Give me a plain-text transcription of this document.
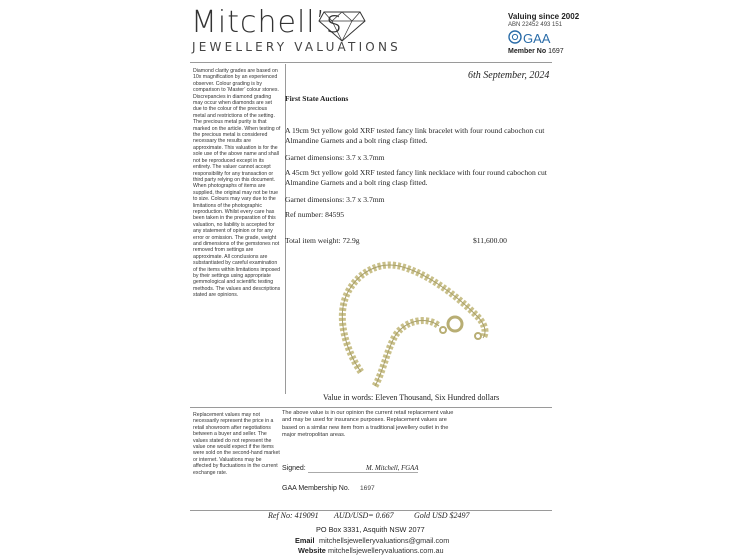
Mitchell’s
JEWELLERY VALUATIONS
Valuing since 2002
ABN 22452 493 151
GAA
Member No 1697
Diamond clarity grades are based on 10x magnification by an experienced observer. Colour grading is by comparison to ‘Master’ colour stones. Discrepancies in diamond grading may occur when diamonds are set due to the colour of the precious metal and restrictions of the setting. The precious metal purity is that marked on the article. When testing of the precious metal is considered necessary the results are approximate. This valuation is for the sole use of the above name and shall not be reproduced except in its entirety. The valuer cannot accept responsibility for any transaction or third party relying on this document. When photographs of items are supplied, the original may not be true to size. Colours may vary due to the limitations of the photographic reproduction. Whilst every care has been taken in the preparation of this valuation, no liability is accepted for any statement of opinion or for any error or omission. The grade, weight and dimensions of the gemstones not removed from settings are approximate. All conclusions are substantiated by careful examination of the items within limitations imposed by their settings using appropriate gemmological and scientific testing methods. The values and descriptions stated are opinions.
Replacement values may not necessarily represent the price in a retail showroom after negotiations between a buyer and seller. The values stated do not represent the value one would expect if the items were sold on the second-hand market or internet. Valuations may be affected by fluctuations in the current exchange rate.
6th September, 2024
First State Auctions
A 19cm 9ct yellow gold XRF tested fancy link bracelet with four round cabochon cut Almandine Garnets and a bolt ring clasp fitted.
Garnet dimensions: 3.7 x 3.7mm
A 45cm 9ct yellow gold XRF tested fancy link necklace with four round cabochon cut Almandine Garnets and a bolt ring clasp fitted.
Garnet dimensions: 3.7 x 3.7mm
Ref number: 84595
Total item weight: 72.9g	$11,600.00
Value in words: Eleven Thousand, Six Hundred dollars
The above value is in our opinion the current retail replacement value and may be used for insurance purposes. Replacement values are based on a similar new item from a traditional jewellery outlet in the major metropolitan areas.
Signed:	M. Mitchell, FGAA
GAA Membership No. 1697
Ref No: 419091 AUD/USD= 0.667	Gold USD $2497
PO Box 3331, Asquith NSW 2077
Email mitchellsjewelleryvaluations@gmail.com
Website mitchellsjewelleryvaluations.com.au
